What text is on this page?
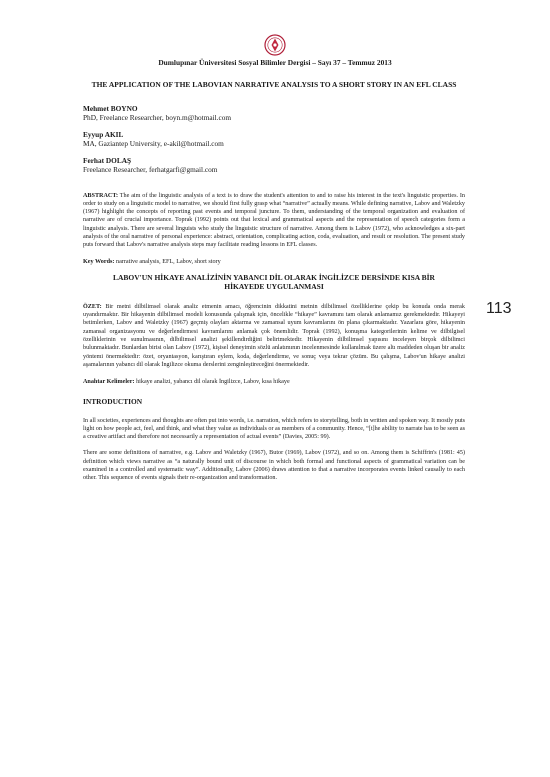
Dumlupınar Üniversitesi Sosyal Bilimler Dergisi – Sayı 37 – Temmuz 2013
113
THE APPLICATION OF THE LABOVIAN NARRATIVE ANALYSIS TO A SHORT STORY IN AN EFL CLASS
Mehmet BOYNO
PhD, Freelance Researcher, boyn.m@hotmail.com
Eyyup AKIL
MA, Gaziantep University, e-akil@hotmail.com
Ferhat DOLAŞ
Freelance Researcher, ferhatgarfi@gmail.com

ABSTRACT: The aim of the linguistic analysis of a text is to draw the student's attention to and to raise his interest in the text's linguistic properties. In order to study on a linguistic model to narrative, we should first fully grasp what “narrative” actually means. While defining narrative, Labov and Waletzky (1967) highlight the concepts of reporting past events and temporal juncture. To them, understanding of the temporal organization and evaluation of narrative are of crucial importance. Toprak (1992) points out that lexical and grammatical aspects and the representation of speech categories form a linguistic analysis. There are several linguists who study the linguistic structure of narrative. Among them is Labov (1972), who acknowledges a six-part analysis of the oral narrative of personal experience: abstract, orientation, complicating action, coda, evaluation, and result or resolution. The present study puts forward that Labov's narrative analysis steps may facilitate reading lessons in EFL classes.

Key Words: narrative analysis, EFL, Labov, short story

LABOV'UN HİKAYE ANALİZİNİN YABANCI DİL OLARAK İNGİLİZCE DERSİNDE KISA BİR HİKAYEDE UYGULANMASI

ÖZET: Bir metni dilbilimsel olarak analiz etmenin amacı, öğrencinin dikkatini metnin dilbilimsel özelliklerine çekip bu konuda onda merak uyandırmaktır. Bir hikayenin dilbilimsel modeli konusunda çalışmak için, öncelikle “hikaye” kavramını tam olarak anlamamız gerekmektedir. Hikayeyi betimlerken, Labov and Waletzky (1967) geçmiş olayları aktarma ve zamansal uyum kavramlarını ön plana çıkarmaktadır. Yazarlara göre, hikayenin zamansal organizasyonu ve değerlendirmesi kavramlarını anlamak çok önemlidir. Toprak (1992), konuşma kategorilerinin kelime ve dilbilgisel özelliklerinin ve sunulmasının, dilbilimsel analizi şekillendirdiğini belirtmektedir. Hikayenin dilbilimsel yapısını inceleyen birçok dilbilimci bulunmaktadır. Bunlardan birisi olan Labov (1972), kişisel deneyimin sözlü anlatımının incelenmesinde kullanılmak üzere altı maddeden oluşan bir analiz yöntemi önermektedir: özet, oryantasyon, karıştıran eylem, koda, değerlendirme, ve sonuç veya tekrar çözüm. Bu çalışma, Labov'un hikaye analizi aşamalarının yabancı dil olarak İngilizce okuma derslerini zenginleştireceğini önermektedir.

Anahtar Kelimeler: hikaye analizi, yabancı dil olarak İngilizce, Labov, kısa hikaye

INTRODUCTION

In all societies, experiences and thoughts are often put into words, i.e. narration, which refers to storytelling, both in written and spoken way. It mostly puts light on how people act, feel, and think, and what they value as individuals or as members of a community. Hence, “[t]he ability to narrate has to be seen as a creative artifact and therefore not necessarily a representation of actual events” (Davies, 2005: 99).

There are some definitions of narrative, e.g. Labov and Waletzky (1967), Butor (1969), Labov (1972), and so on. Among them is Schiffrin's (1981: 45) definition which views narrative as “a naturally bound unit of discourse in which both formal and functional aspects of grammatical variation can be examined in a controlled and systematic way”. Additionally, Labov (2006) draws attention to that a narrative incorporates events linked causally to each other. This sequence of events signals their re-organization and transformation.
